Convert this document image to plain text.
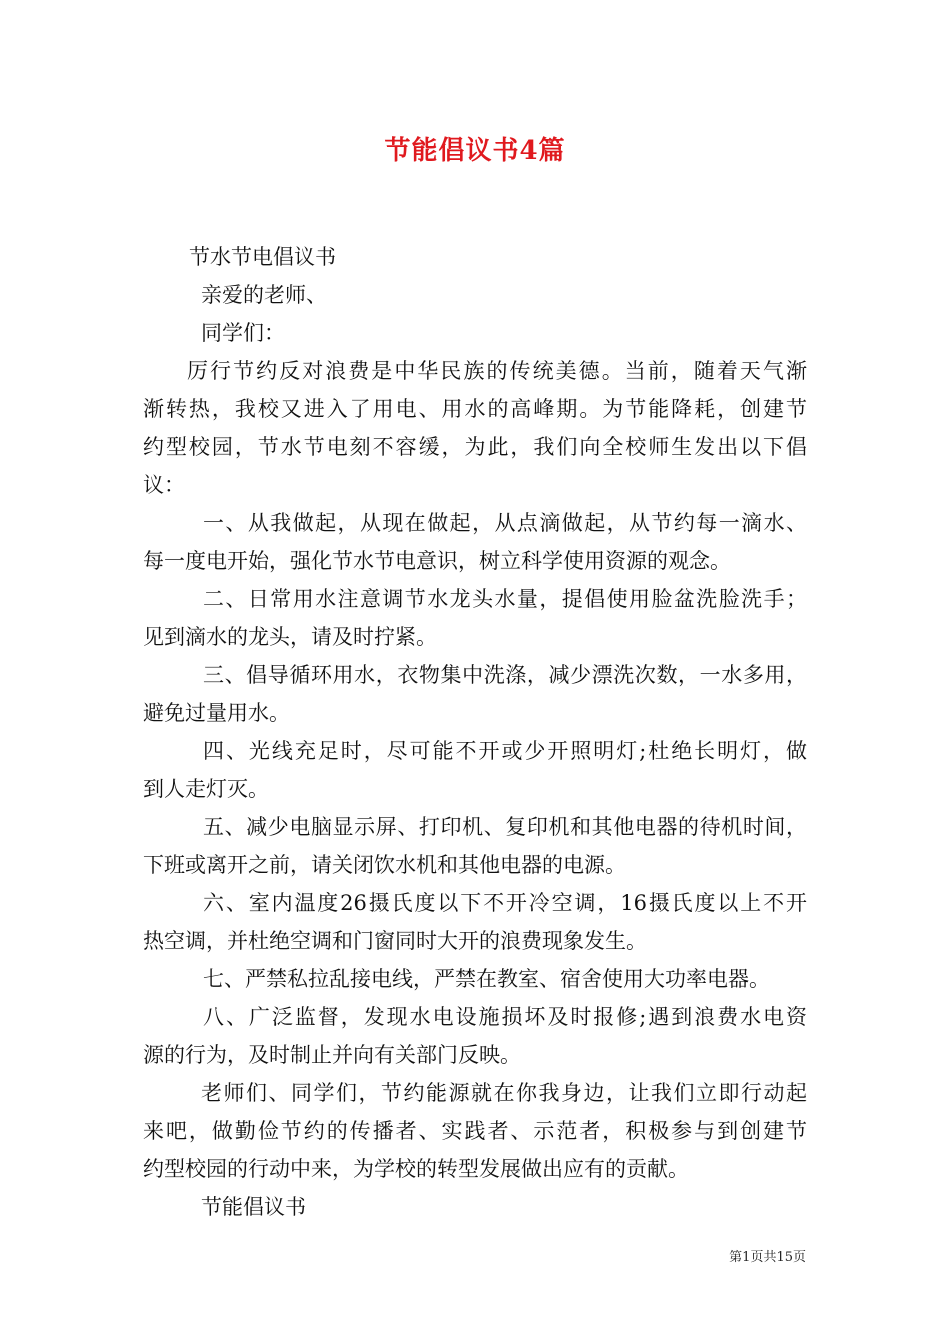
节能倡议书4篇

节水节电倡议书

亲爱的老师、

同学们：

厉行节约反对浪费是中华民族的传统美德。当前，随着天气渐

渐转热，我校又进入了用电、用水的高峰期。为节能降耗，创建节

约型校园，节水节电刻不容缓，为此，我们向全校师生发出以下倡

议：

一、从我做起，从现在做起，从点滴做起，从节约每一滴水、

每一度电开始，强化节水节电意识，树立科学使用资源的观念。

二、日常用水注意调节水龙头水量，提倡使用脸盆洗脸洗手；

见到滴水的龙头，请及时拧紧。

三、倡导循环用水，衣物集中洗涤，减少漂洗次数，一水多用，

避免过量用水。

四、光线充足时，尽可能不开或少开照明灯;杜绝长明灯，做

到人走灯灭。

五、减少电脑显示屏、打印机、复印机和其他电器的待机时间，

下班或离开之前，请关闭饮水机和其他电器的电源。

六、室内温度26摄氏度以下不开冷空调，16摄氏度以上不开

热空调，并杜绝空调和门窗同时大开的浪费现象发生。

七、严禁私拉乱接电线，严禁在教室、宿舍使用大功率电器。

八、广泛监督，发现水电设施损坏及时报修;遇到浪费水电资

源的行为，及时制止并向有关部门反映。

老师们、同学们，节约能源就在你我身边，让我们立即行动起

来吧，做勤俭节约的传播者、实践者、示范者，积极参与到创建节

约型校园的行动中来，为学校的转型发展做出应有的贡献。

节能倡议书

第1页共15页
